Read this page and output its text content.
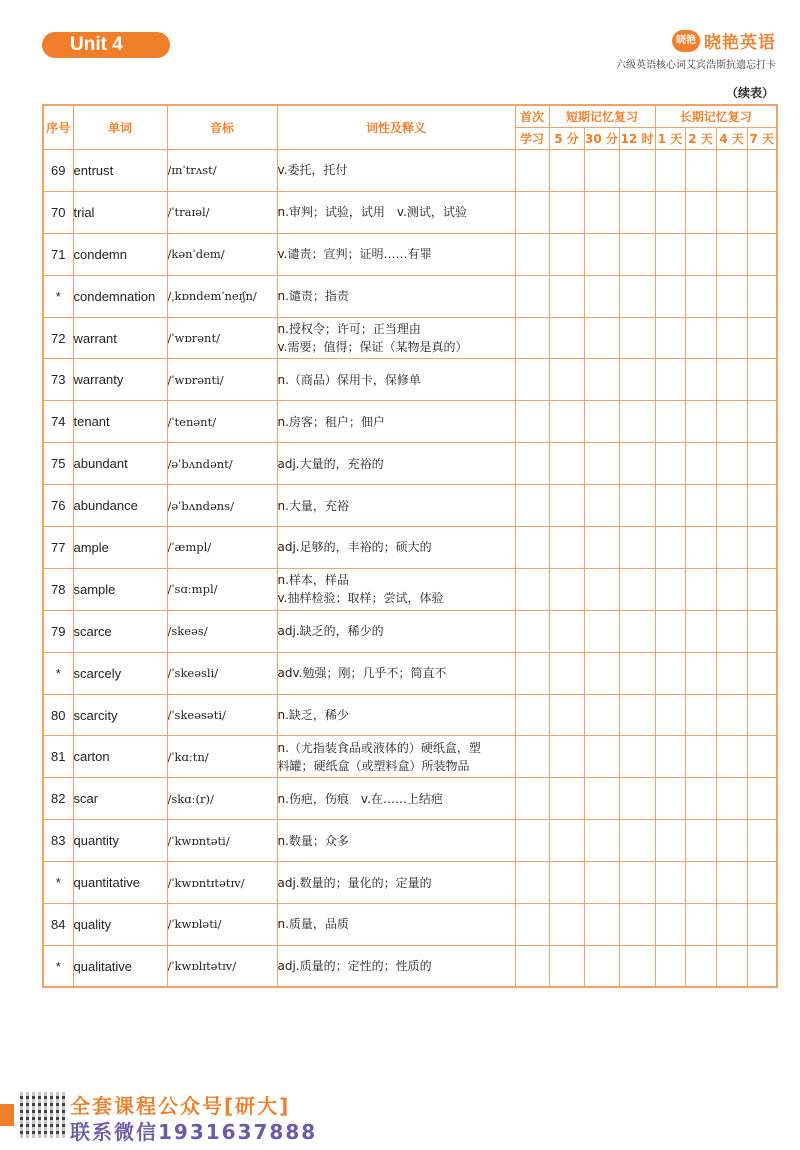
Unit 4	晓艳 晓艳英语
六级英语核心词艾宾浩斯抗遗忘打卡
（续表）
序号	单词	音标	词性及释义	首次	短期记忆复习			长期记忆复习			
				学习	5 分	30 分	12 时	1 天	2 天	4 天	7 天
69	entrust	/ɪnˈtrʌst/	v.委托，托付								

70	trial	/ˈtraɪəl/	n.审判；试验，试用　v.测试，试验								

71	condemn	/kənˈdem/	v.谴责；宣判；证明……有罪								

*	condemnation	/ˌkɒndemˈneɪʃn/	n.谴责；指责								

72	warrant	/ˈwɒrənt/	n.授权令；许可；正当理由
v.需要；值得；保证（某物是真的）								

73	warranty	/ˈwɒrənti/	n.（商品）保用卡，保修单								

74	tenant	/ˈtenənt/	n.房客；租户；佃户								

75	abundant	/əˈbʌndənt/	adj.大量的，充裕的								

76	abundance	/əˈbʌndəns/	n.大量，充裕								

77	ample	/ˈæmpl/	adj.足够的，丰裕的；硕大的								

78	sample	/ˈsɑːmpl/	n.样本，样品
v.抽样检验；取样；尝试，体验								

79	scarce	/skeəs/	adj.缺乏的，稀少的								

*	scarcely	/ˈskeəsli/	adv.勉强；刚；几乎不；简直不								

80	scarcity	/ˈskeəsəti/	n.缺乏，稀少								

81	carton	/ˈkɑːtn/	n.（尤指装食品或液体的）硬纸盒，塑
料罐；硬纸盒（或塑料盒）所装物品								

82	scar	/skɑː(r)/	n.伤疤，伤痕　v.在……上结疤								

83	quantity	/ˈkwɒntəti/	n.数量；众多								

*	quantitative	/ˈkwɒntɪtətɪv/	adj.数量的；量化的；定量的								

84	quality	/ˈkwɒləti/	n.质量，品质								

*	qualitative	/ˈkwɒlɪtətɪv/	adj.质量的；定性的；性质的								

全套课程公众号[研大]
联系微信1931637888
